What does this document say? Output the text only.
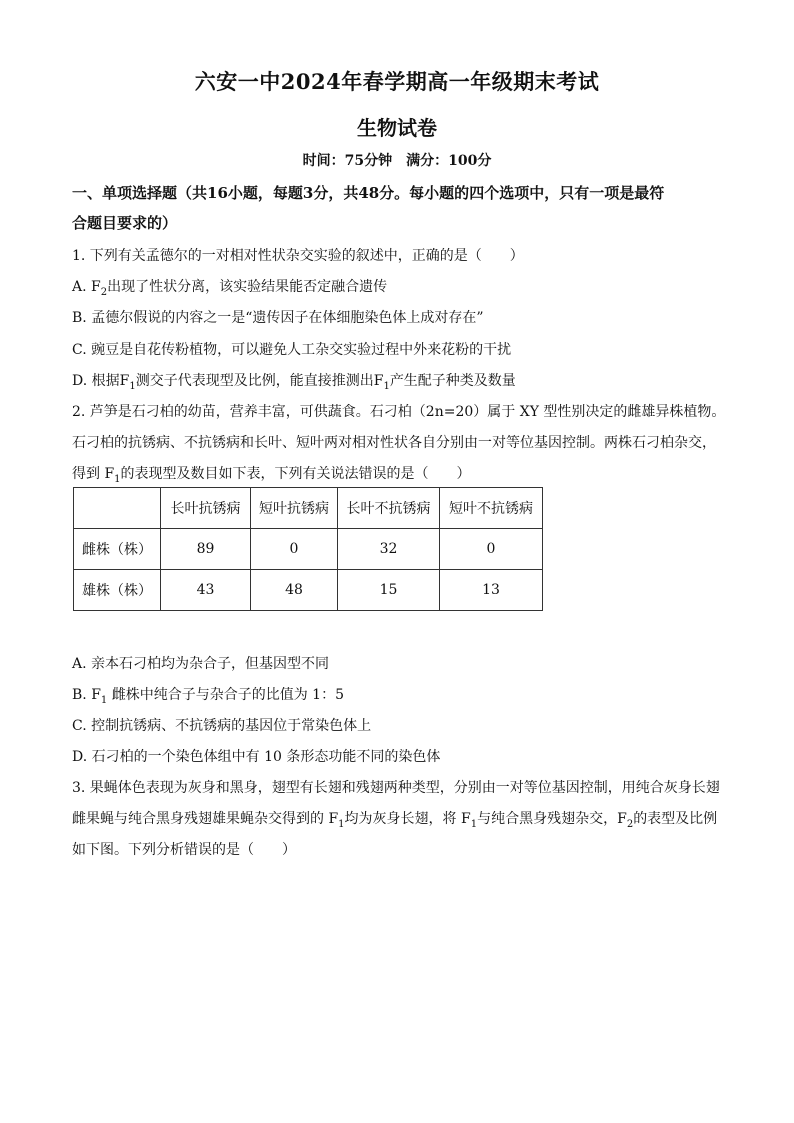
六安一中2024年春学期高一年级期末考试
生物试卷
时间：75分钟　满分：100分
一、单项选择题（共16小题，每题3分，共48分。每小题的四个选项中，只有一项是最符
合题目要求的）
1. 下列有关孟德尔的一对相对性状杂交实验的叙述中，正确的是（　　）
A. $F_2$出现了性状分离，该实验结果能否定融合遗传
B. 孟德尔假说的内容之一是“遗传因子在体细胞染色体上成对存在”
C. 豌豆是自花传粉植物，可以避免人工杂交实验过程中外来花粉的干扰
D. 根据$F_1$测交子代表现型及比例，能直接推测出$F_1$产生配子种类及数量
2. 芦笋是石刁柏的幼苗，营养丰富，可供蔬食。石刁柏（2n=20）属于 XY 型性别决定的雌雄异株植物。
石刁柏的抗锈病、不抗锈病和长叶、短叶两对相对性状各自分别由一对等位基因控制。两株石刁柏杂交，
得到 $F_1$的表现型及数目如下表，下列有关说法错误的是（　　）
	长叶抗锈病	短叶抗锈病	长叶不抗锈病	短叶不抗锈病
雌株（株）	89	0	32	0
雄株（株）	43	48	15	13
A. 亲本石刁柏均为杂合子，但基因型不同
B. $F_1$ 雌株中纯合子与杂合子的比值为 1：5
C. 控制抗锈病、不抗锈病的基因位于常染色体上
D. 石刁柏的一个染色体组中有 10 条形态功能不同的染色体
3. 果蝇体色表现为灰身和黑身，翅型有长翅和残翅两种类型，分别由一对等位基因控制，用纯合灰身长翅
雌果蝇与纯合黑身残翅雄果蝇杂交得到的 $F_1$均为灰身长翅，将 $F_1$与纯合黑身残翅杂交，$F_2$的表型及比例
如下图。下列分析错误的是（　　）
